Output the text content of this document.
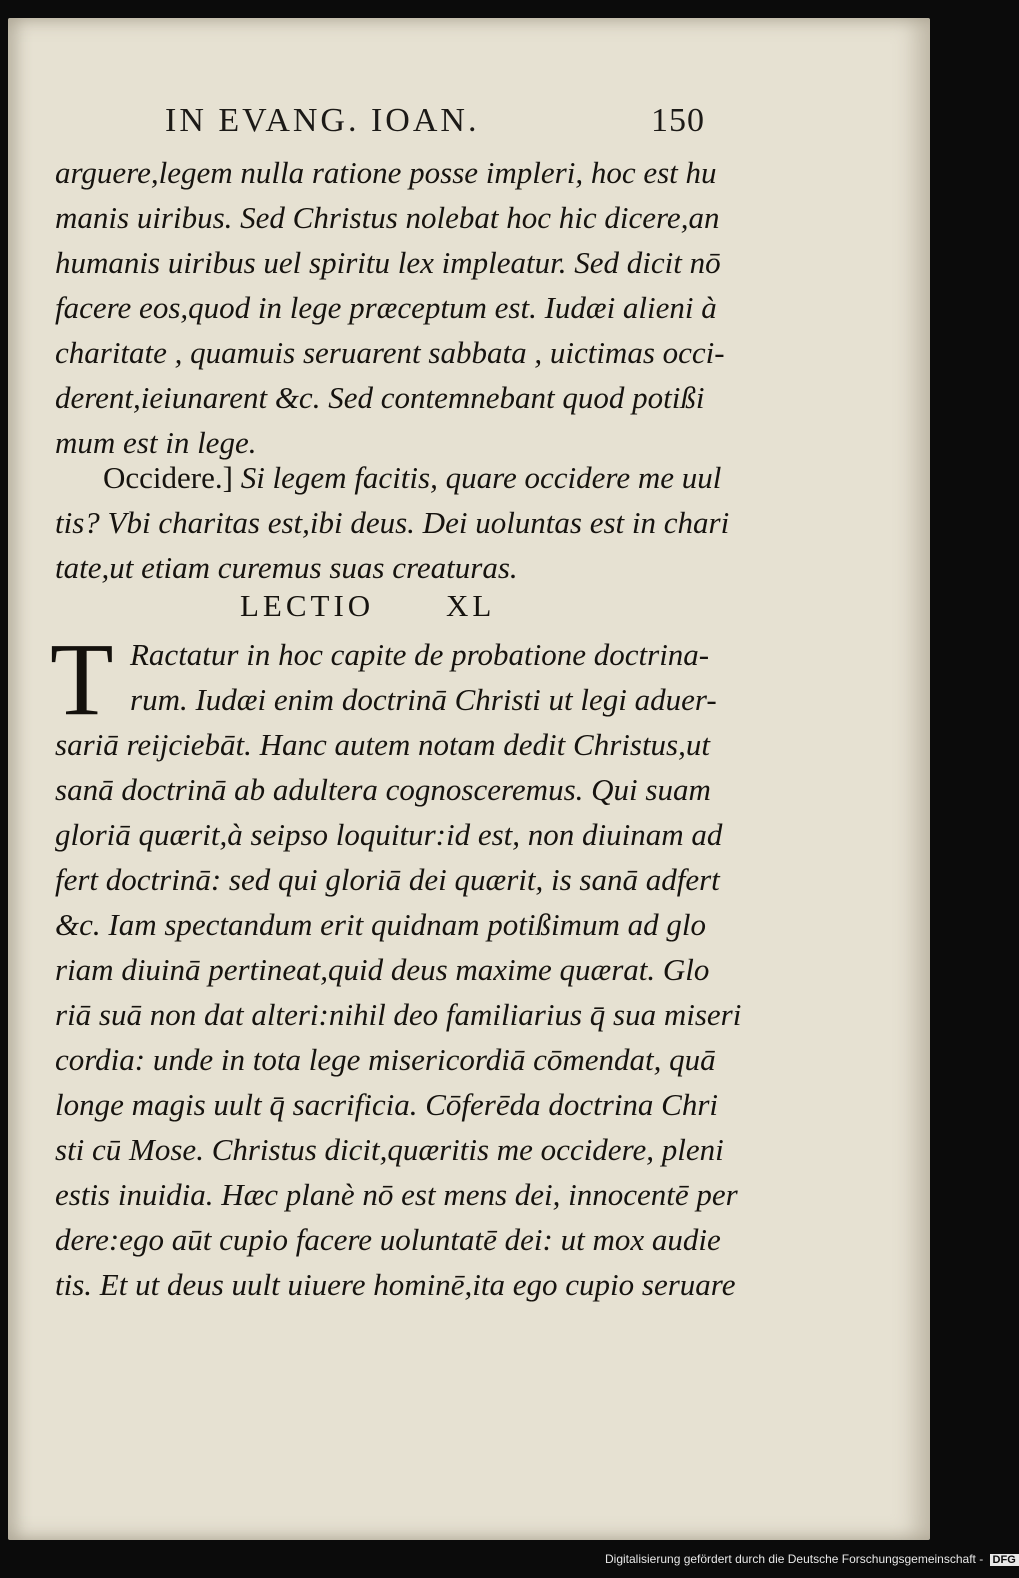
IN EVANG. IOAN.	150
arguere,legem nulla ratione posse impleri, hoc est hu
manis uiribus. Sed Christus nolebat hoc hic dicere,an
humanis uiribus uel spiritu lex impleatur. Sed dicit nō
facere eos,quod in lege præceptum est. Iudæi alieni à
charitate , quamuis seruarent sabbata , uictimas occi-
derent,ieiunarent &c. Sed contemnebant quod potißi
mum est in lege.
Occidere.] Si legem facitis, quare occidere me uul
tis? Vbi charitas est,ibi deus. Dei uoluntas est in chari
tate,ut etiam curemus suas creaturas.
LECTIO XL
T Ractatur in hoc capite de probatione doctrina-
rum. Iudæi enim doctrinā Christi ut legi aduer-
sariā reijciebāt. Hanc autem notam dedit Christus,ut
sanā doctrinā ab adultera cognosceremus. Qui suam
gloriā quærit,à seipso loquitur:id est, non diuinam ad
fert doctrinā: sed qui gloriā dei quærit, is sanā adfert
&c. Iam spectandum erit quidnam potißimum ad glo
riam diuinā pertineat,quid deus maxime quærat. Glo
riā suā non dat alteri:nihil deo familiarius q̄ sua miseri
cordia: unde in tota lege misericordiā cōmendat, quā
longe magis uult q̄ sacrificia. Cōferēda doctrina Chri
sti cū Mose. Christus dicit,quæritis me occidere, pleni
estis inuidia. Hæc planè nō est mens dei, innocentē per
dere:ego aūt cupio facere uoluntatē dei: ut mox audie
tis. Et ut deus uult uiuere hominē,ita ego cupio seruare
Digitalisierung gefördert durch die Deutsche Forschungsgemeinschaft - DFG
